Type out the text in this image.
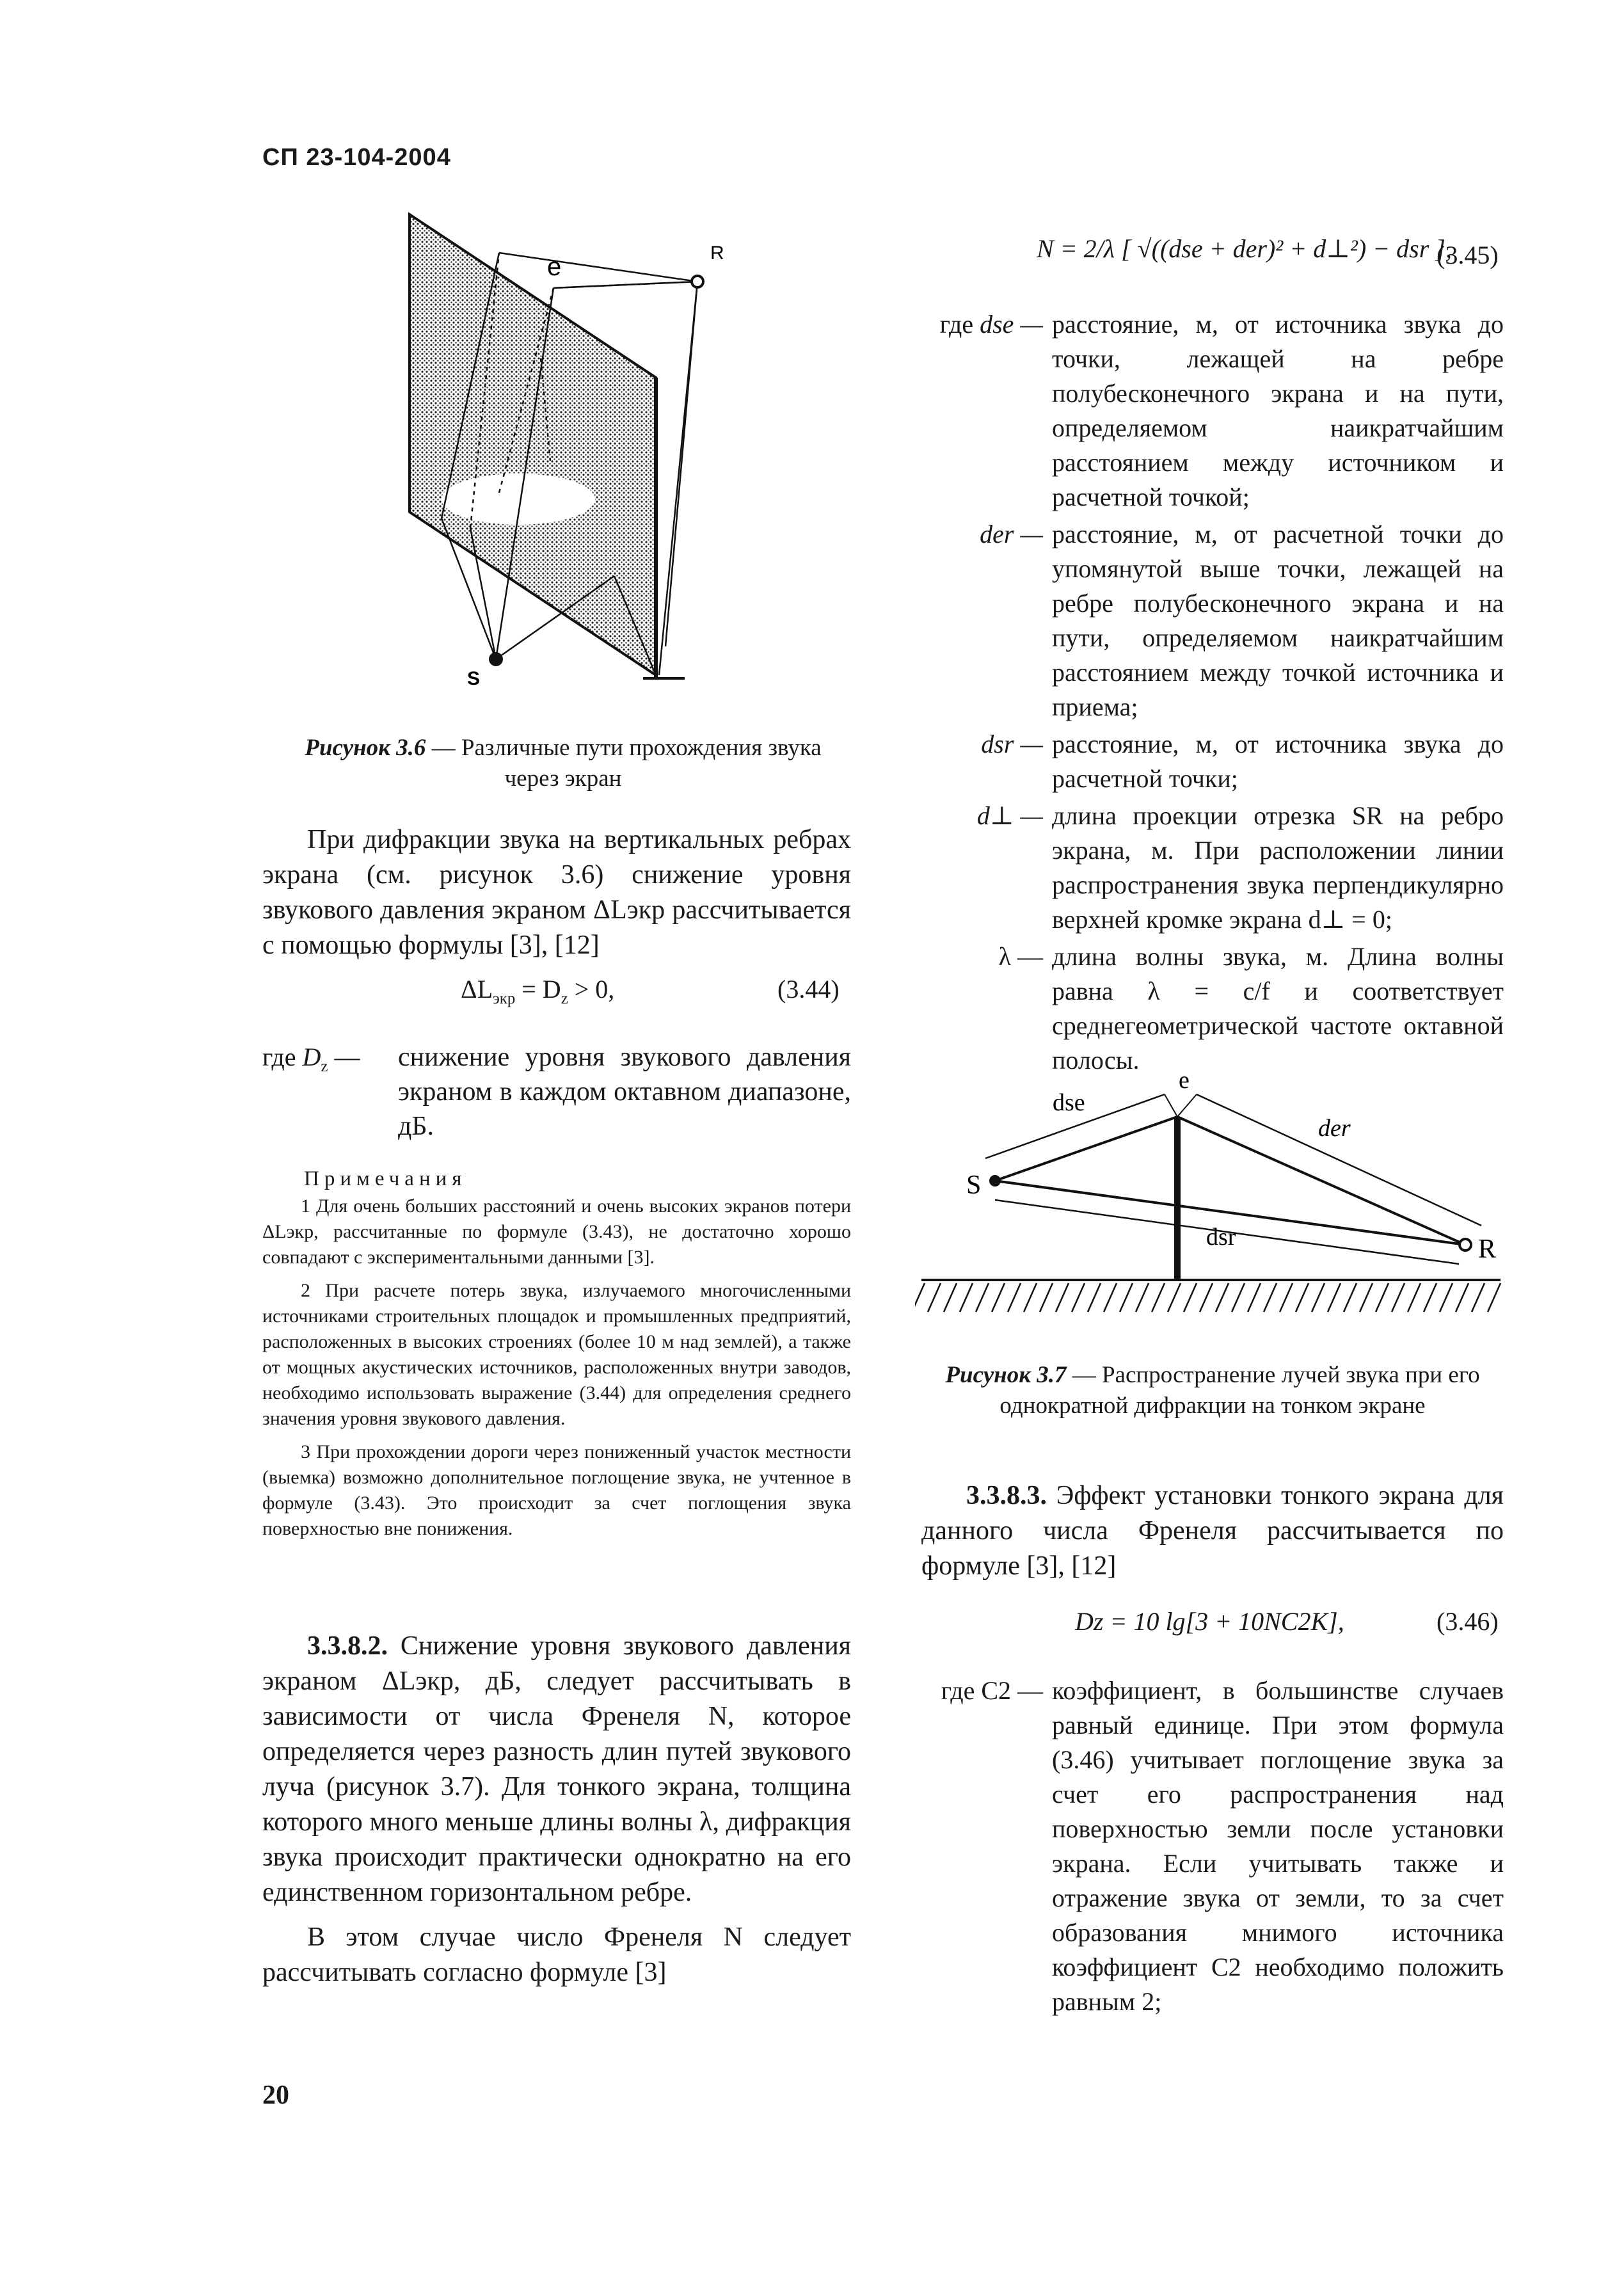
СП 23-104-2004
e	R
S
Рисунок 3.6 — Различные пути прохождения звука
через экран
При дифракции звука на вертикальных ребрах экрана (см. рисунок 3.6) снижение уровня звукового давления экраном ΔLэкр рассчитывается с помощью формулы [3], [12]
$\Delta L_{экр} = D_z > 0$,	(3.44)
где $D_z$ —	снижение уровня звукового давления экраном в каждом октавном диапазоне, дБ.
Примечания

1 Для очень больших расстояний и очень высоких экранов потери ΔLэкр, рассчитанные по формуле (3.43), не достаточно хорошо совпадают с экспериментальными данными [3].

2 При расчете потерь звука, излучаемого многочисленными источниками строительных площадок и промышленных предприятий, расположенных в высоких строениях (более 10 м над землей), а также от мощных акустических источников, расположенных внутри заводов, необходимо использовать выражение (3.44) для определения среднего значения уровня звукового давления.

3 При прохождении дороги через пониженный участок местности (выемка) возможно дополнительное поглощение звука, не учтенное в формуле (3.43). Это происходит за счет поглощения звука поверхностью вне понижения.

3.3.8.2. Снижение уровня звукового давления экраном ΔLэкр, дБ, следует рассчитывать в зависимости от числа Френеля N, которое определяется через разность длин путей звукового луча (рисунок 3.7). Для тонкого экрана, толщина которого много меньше длины волны λ, дифракция звука происходит практически однократно на его единственном горизонтальном ребре.
В этом случае число Френеля N следует рассчитывать согласно формуле [3]
20
N = 2/λ [ √((dse + der)² + d⊥²) − dsr ],
(3.45)
где dse — расстояние, м, от источника звука до точки, лежащей на ребре полубесконечного экрана и на пути, определяемом наикратчайшим расстоянием между источником и расчетной точкой;
der — расстояние, м, от расчетной точки до упомянутой выше точки, лежащей на ребре полубесконечного экрана и на пути, определяемом наикратчайшим расстоянием между точкой источника и приема;
dsr — расстояние, м, от источника звука до расчетной точки;
d⊥ — длина проекции отрезка SR на ребро экрана, м. При расположении линии распространения звука перпендикулярно верхней кромке экрана d⊥ = 0;
λ — длина волны звука, м. Длина волны равна λ = c/f и соответствует среднегеометрической частоте октавной полосы.
dse
e
der
S
dsr	R
Рисунок 3.7 — Распространение лучей звука при его
однократной дифракции на тонком экране
3.3.8.3. Эффект установки тонкого экрана для данного числа Френеля рассчитывается по формуле [3], [12]
Dz = 10 lg[3 + 10NC2K],	(3.46)
где C2 — коэффициент, в большинстве случаев равный единице. При этом формула (3.46) учитывает поглощение звука за счет его распространения над поверхностью земли после установки экрана. Если учитывать также и отражение звука от земли, то за счет образования мнимого источника коэффициент C2 необходимо положить равным 2;
